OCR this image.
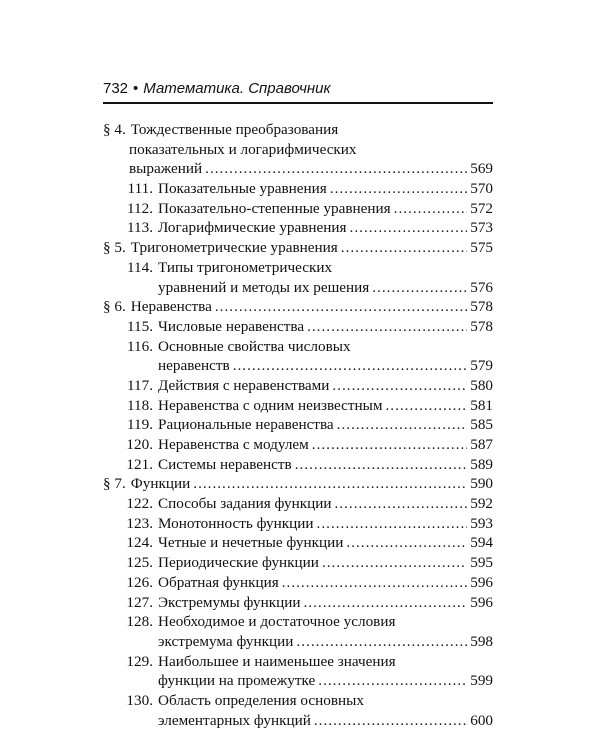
732 • Математика. Справочник
§ 4. Тождественные преобразования
показательных и логарифмических
выражений .....	569
111. Показательные уравнения .....	570
112. Показательно-степенные уравнения .....	572
113. Логарифмические уравнения .....	573
§ 5. Тригонометрические уравнения .....	575
114. Типы тригонометрических
уравнений и методы их решения .....	576
§ 6. Неравенства .....	578
115. Числовые неравенства .....	578
116. Основные свойства числовых
неравенств .....	579
117. Действия с неравенствами .....	580
118. Неравенства с одним неизвестным .....	581
119. Рациональные неравенства .....	585
120. Неравенства с модулем .....	587
121. Системы неравенств .....	589
§ 7. Функции .....	590
122. Способы задания функции .....	592
123. Монотонность функции .....	593
124. Четные и нечетные функции .....	594
125. Периодические функции .....	595
126. Обратная функция .....	596
127. Экстремумы функции .....	596
128. Необходимое и достаточное условия
экстремума функции .....	598
129. Наибольшее и наименьшее значения
функции на промежутке .....	599
130. Область определения основных
элементарных функций .....	600
